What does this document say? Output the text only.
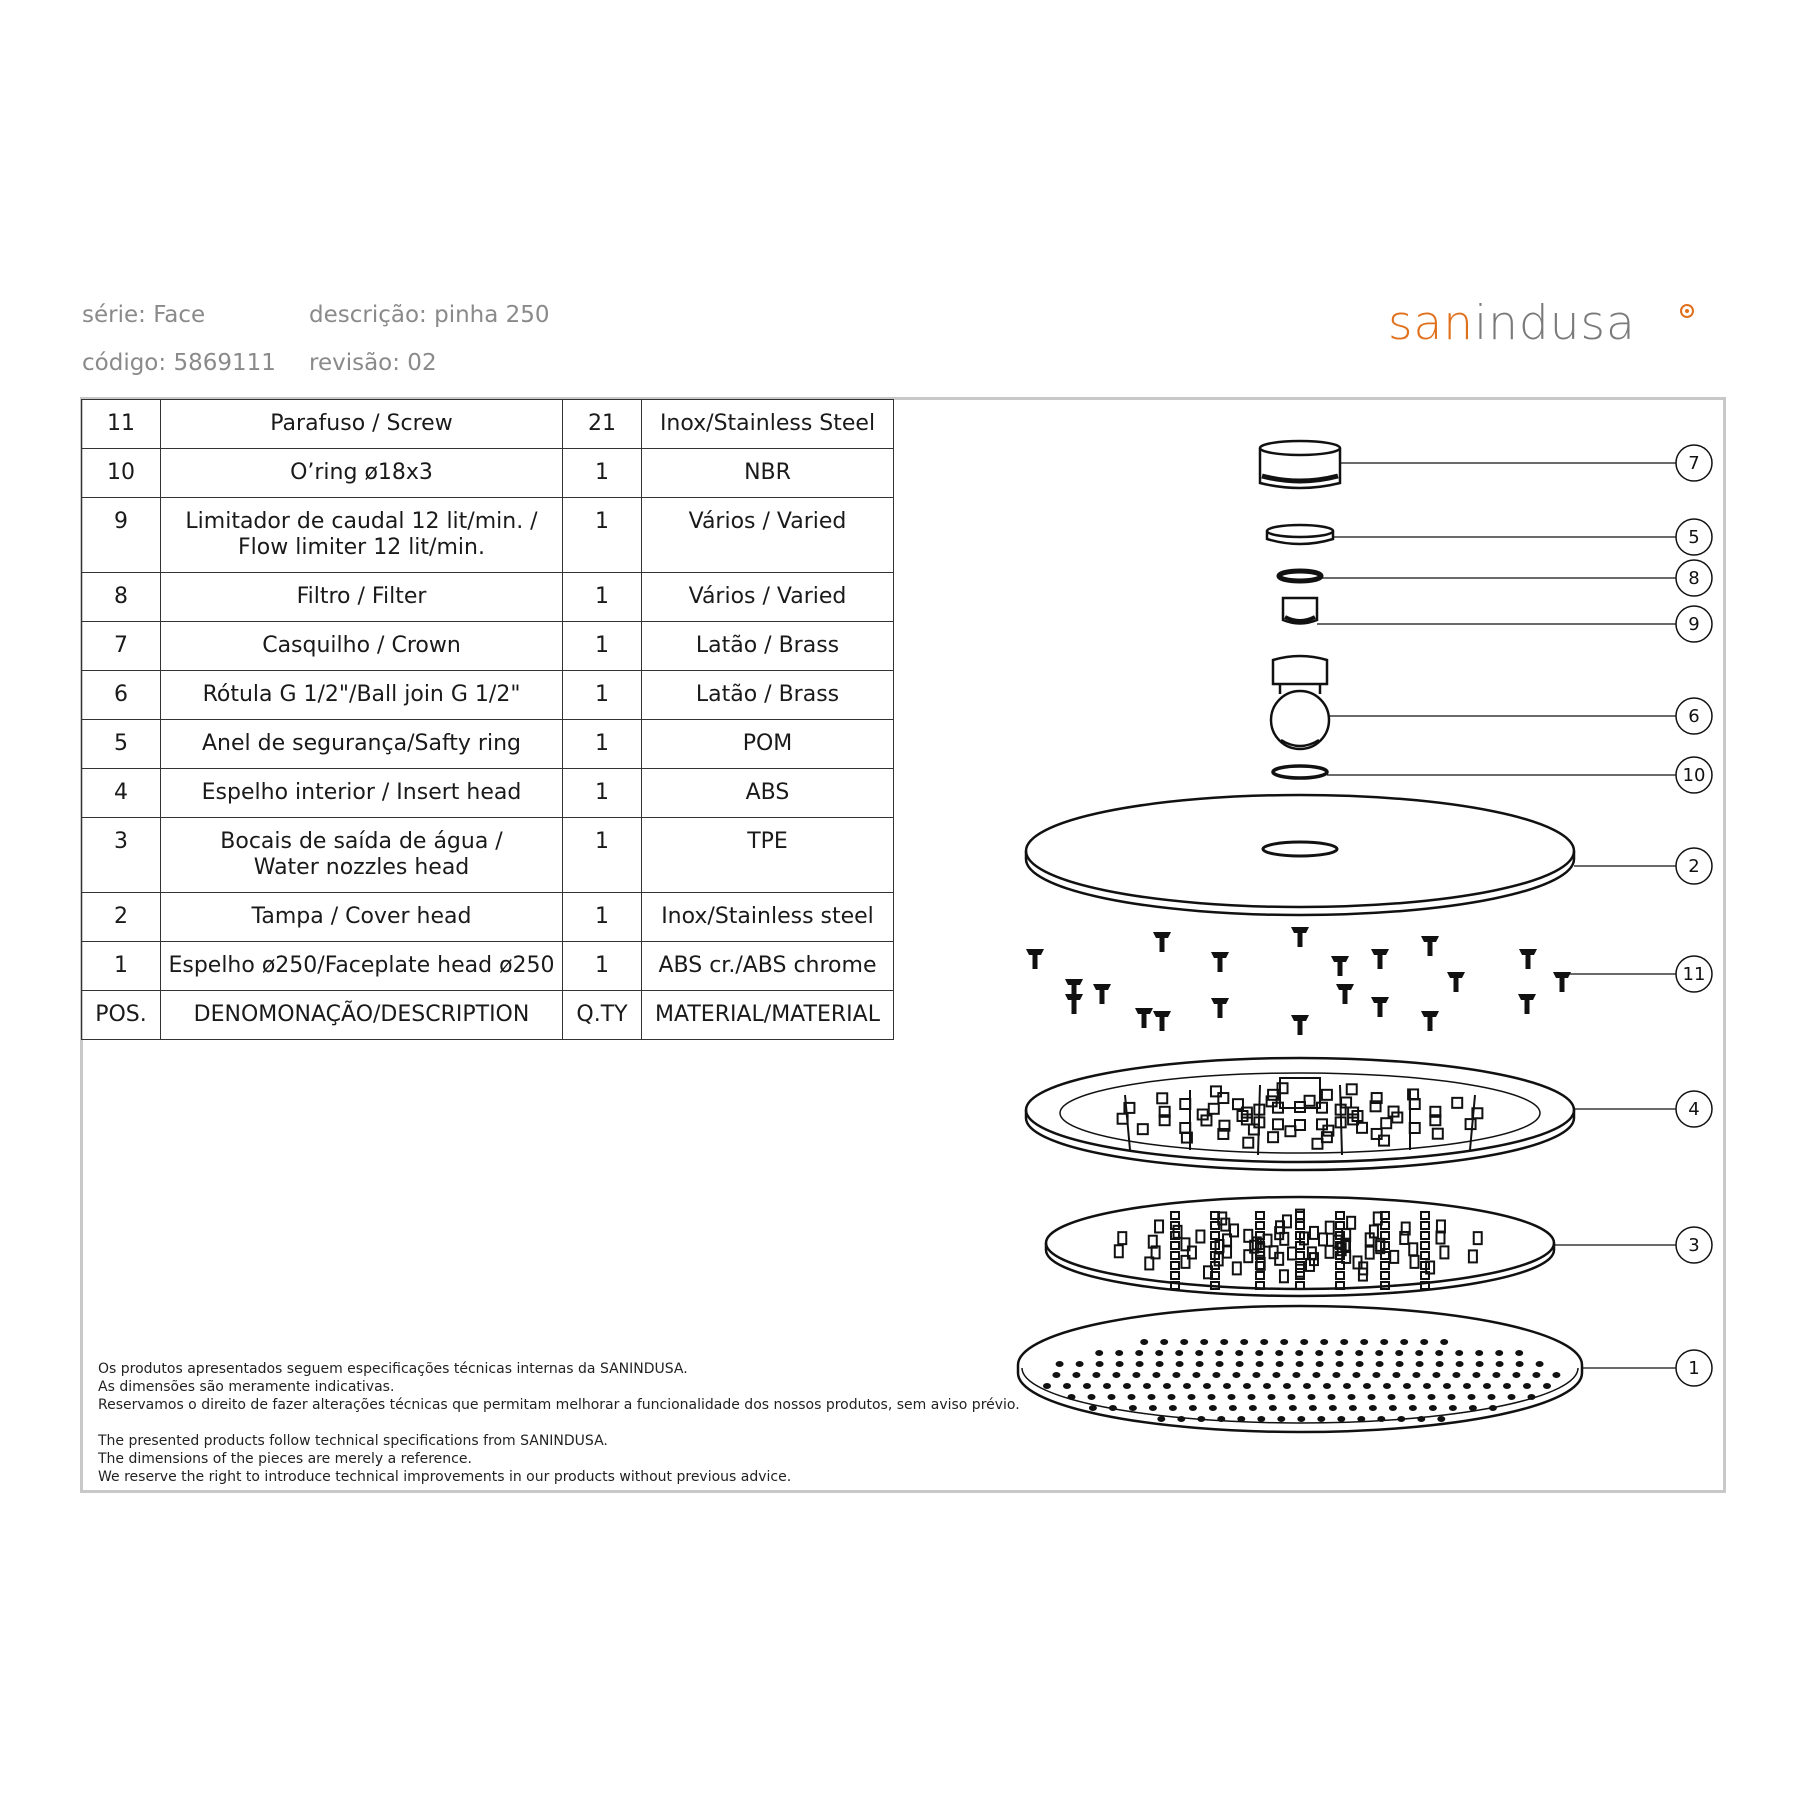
série: Face	descrição: pinha 250
código: 5869111 revisão: 02
sanindusa
11	Parafuso / Screw	21	Inox/Stainless Steel
10	O’ring ø18x3	1	NBR
9	Limitador de caudal 12 lit/min. /
Flow limiter 12 lit/min.	1	Vários / Varied
8	Filtro / Filter	1	Vários / Varied
7	Casquilho / Crown	1	Latão / Brass
6	Rótula G 1/2"/Ball join G 1/2"	1	Latão / Brass
5	Anel de segurança/Safty ring	1	POM
4	Espelho interior / Insert head	1	ABS
3	Bocais de saída de água /
Water nozzles head	1	TPE
2	Tampa / Cover head	1	Inox/Stainless steel
1	Espelho ø250/Faceplate head ø250	1	ABS cr./ABS chrome
POS.	DENOMONAÇÃO/DESCRIPTION	Q.TY	MATERIAL/MATERIAL
7
5
8
9
6
10
2
11
4
3
1
Os produtos apresentados seguem especificações técnicas internas da SANINDUSA.
As dimensões são meramente indicativas.
Reservamos o direito de fazer alterações técnicas que permitam melhorar a funcionalidade dos nossos produtos, sem aviso prévio.
The presented products follow technical specifications from SANINDUSA.
The dimensions of the pieces are merely a reference.
We reserve the right to introduce technical improvements in our products without previous advice.
